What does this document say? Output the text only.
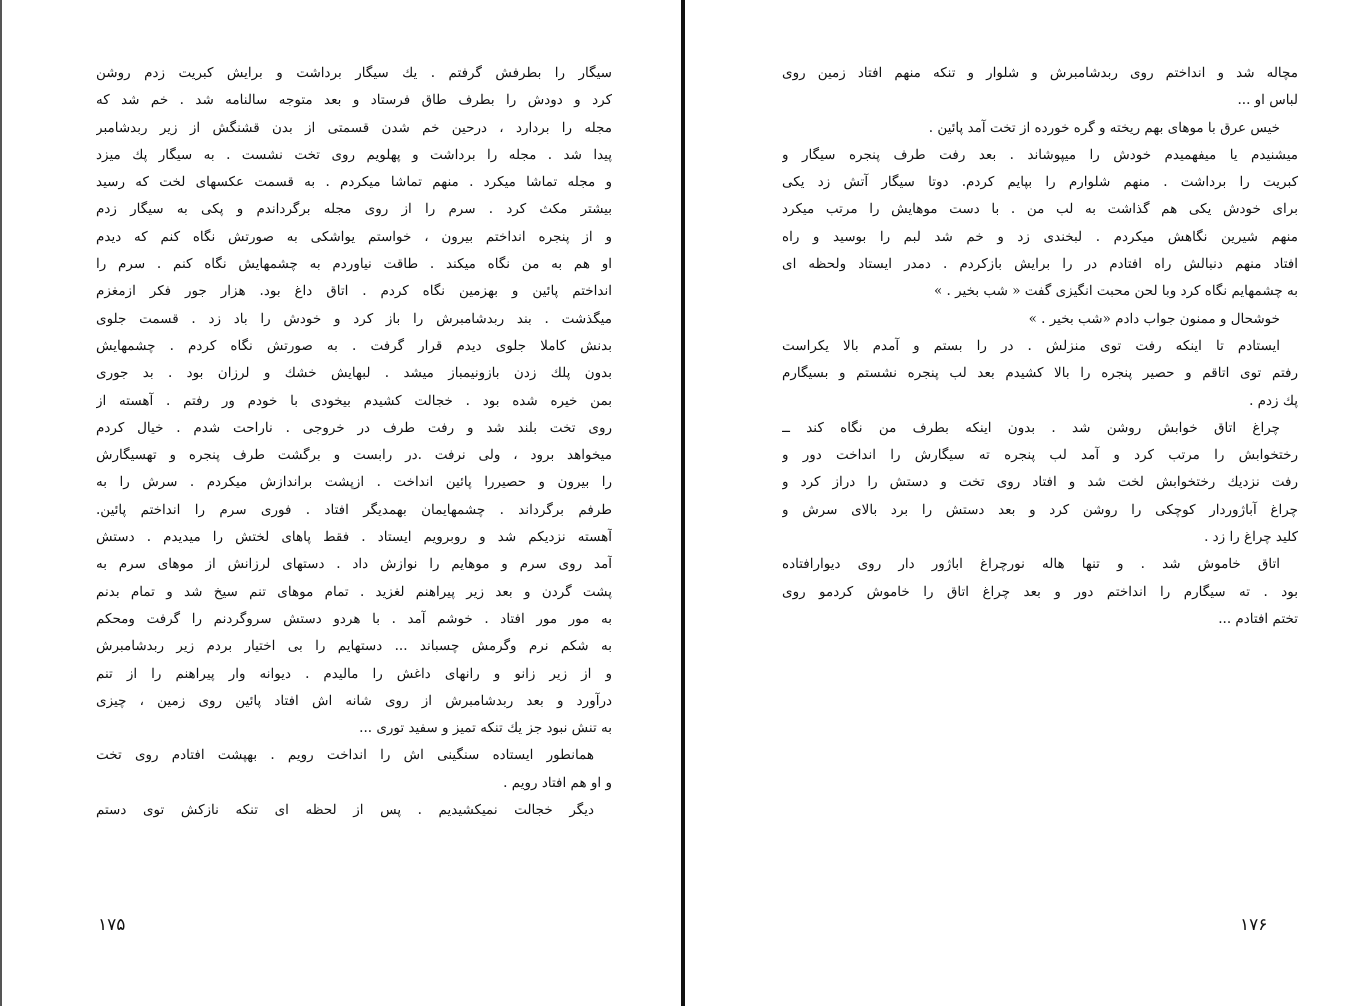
سیگار را بطرفش گرفتم . یك سیگار برداشت و برایش کبریت زدم روشن
کرد و دودش را بطرف طاق فرستاد و بعد متوجه سالنامه شد . خم شد که
مجله را بردارد ، درحین خم شدن قسمتی از بدن قشنگش از زیر ربدشامبر
پیدا شد . مجله را برداشت و پهلویم روی تخت نشست . به سیگار پك میزد
و مجله تماشا میکرد . منهم تماشا میکردم . به قسمت عکسهای لخت که رسید
بیشتر مکث کرد . سرم را از روی مجله برگرداندم و پکی به سیگار زدم
و از پنجره انداختم بیرون ، خواستم یواشکی به صورتش نگاه کنم که دیدم
او هم به من نگاه میکند . طاقت نیاوردم به چشمهایش نگاه کنم . سرم را
انداختم پائین و بهزمین نگاه کردم . اتاق داغ بود. هزار جور فکر ازمغزم
میگذشت . بند ربدشامبرش را باز کرد و خودش را باد زد . قسمت جلوی
بدنش کاملا جلوی دیدم قرار گرفت . به صورتش نگاه کردم . چشمهایش
بدون پلك زدن بازونیمباز میشد . لبهایش خشك و لرزان بود . بد جوری
بمن خیره شده بود . خجالت کشیدم بیخودی با خودم ور رفتم . آهسته از
روی تخت بلند شد و رفت طرف در خروجی . ناراحت شدم . خیال کردم
میخواهد برود ، ولی نرفت .در رابست و برگشت طرف پنجره و تهسیگارش
را بیرون و حصیررا پائین انداخت . ازپشت براندازش میکردم . سرش را به
طرفم برگرداند . چشمهایمان بهمدیگر افتاد . فوری سرم را انداختم پائین.
آهسته نزدیکم شد و روبرویم ایستاد . فقط پاهای لختش را میدیدم . دستش
آمد روی سرم و موهایم را نوازش داد . دستهای لرزانش از موهای سرم به
پشت گردن و بعد زیر پیراهنم لغزید . تمام موهای تنم سیخ شد و تمام بدنم
به مور مور افتاد . خوشم آمد . با هردو دستش سروگردنم را گرفت ومحکم
به شکم نرم وگرمش چسباند ... دستهایم را بی اختیار بردم زیر ربدشامبرش
و از زیر زانو و رانهای داغش را مالیدم . دیوانه وار پیراهنم را از تنم
درآورد و بعد ربدشامبرش از روی شانه اش افتاد پائین روی زمین ، چیزی
به تنش نبود جز یك تنکه تمیز و سفید توری ...
همانطور ایستاده سنگینی اش را انداخت رویم . بهپشت افتادم روی تخت
و او هم افتاد رویم .
دیگر خجالت نمیکشیدیم . پس از لحظه ای تنکه نازکش توی دستم
۱۷۵
مچاله شد و انداختم روی ربدشامبرش و شلوار و تنکه منهم افتاد زمین روی
لباس او ...
خیس عرق با موهای بهم ریخته و گره خورده از تخت آمد پائین .
میشنیدم یا میفهمیدم خودش را میپوشاند . بعد رفت طرف پنجره سیگار و
کبریت را برداشت . منهم شلوارم را بپایم کردم. دوتا سیگار آتش زد یکی
برای خودش یکی هم گذاشت به لب من . با دست موهایش را مرتب میکرد
منهم شیرین نگاهش میکردم . لبخندی زد و خم شد لبم را بوسید و راه
افتاد منهم دنبالش راه افتادم در را برایش بازکردم . دمدر ایستاد ولحظه ای
به چشمهایم نگاه کرد وبا لحن محبت انگیزی گفت « شب بخیر . »
خوشحال و ممنون جواب دادم «شب بخیر . »
ایستادم تا اینکه رفت توی منزلش . در را بستم و آمدم بالا یکراست
رفتم توی اتاقم و حصیر پنجره را بالا کشیدم بعد لب پنجره نشستم و بسیگارم
پك زدم .
چراغ اتاق خوابش روشن شد . بدون اینکه بطرف من نگاه کند ــ
رختخوابش را مرتب کرد و آمد لب پنجره ته سیگارش را انداخت دور و
رفت نزدیك رختخوابش لخت شد و افتاد روی تخت و دستش را دراز کرد و
چراغ آباژوردار کوچکی را روشن کرد و بعد دستش را برد بالای سرش و
کلید چراغ را زد .
اتاق خاموش شد . و تنها هاله نورچراغ اباژور دار روی دیوارافتاده
بود . ته سیگارم را انداختم دور و بعد چراغ اتاق را خاموش کردمو روی
تختم افتادم ...
۱۷۶
